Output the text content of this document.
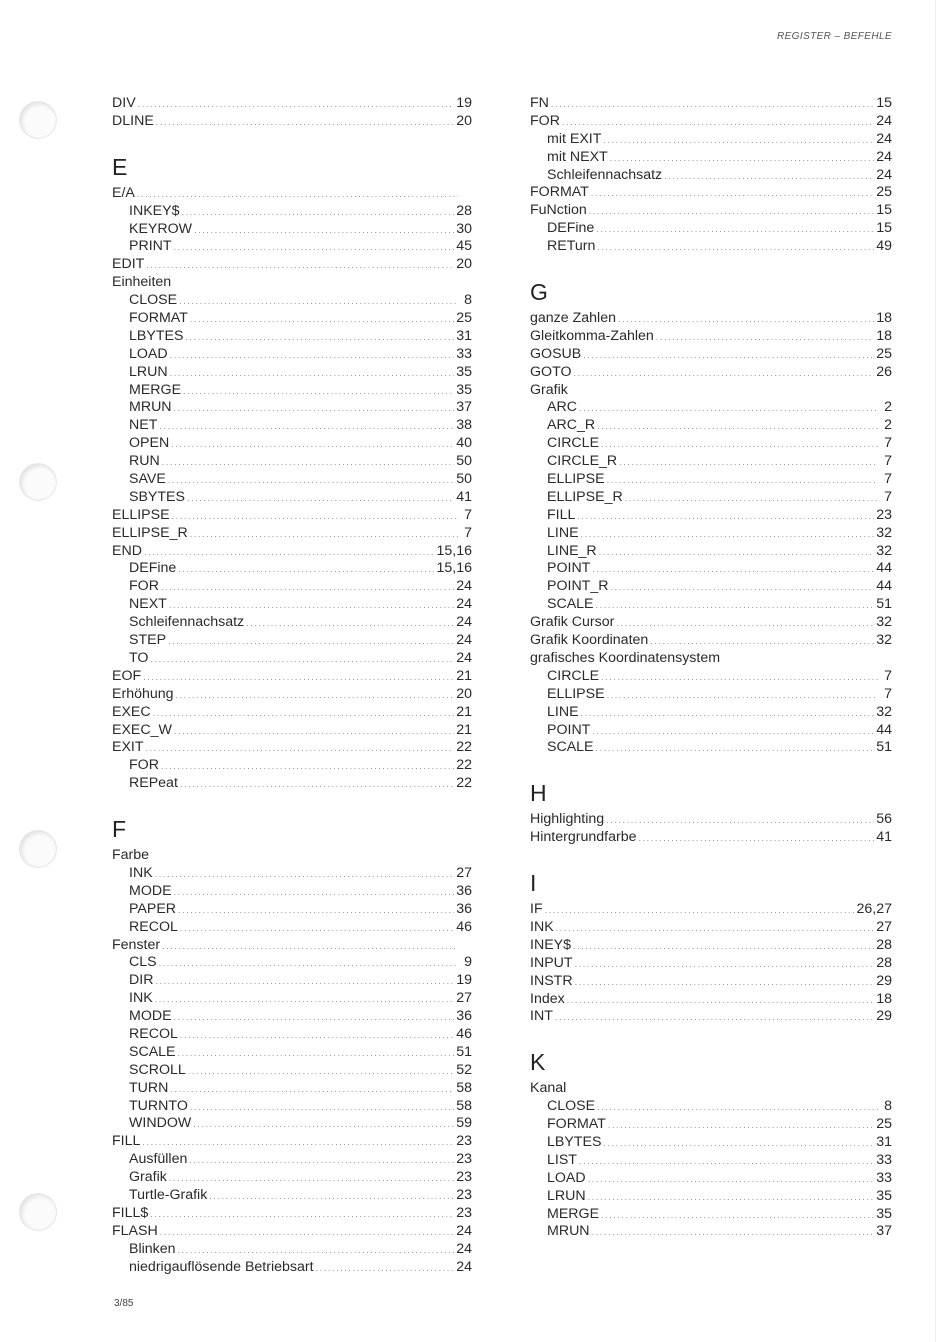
REGISTER – BEFEHLE
DIV .....	19
DLINE .....	20
E
E/A
.....
INKEY$ .....	28
KEYROW .....	30
PRINT .....	45
EDIT .....	20
Einheiten
CLOSE .....	8
FORMAT .....	25
LBYTES .....	31
LOAD .....	33
LRUN .....	35
MERGE .....	35
MRUN .....	37
NET .....	38
OPEN .....	40
RUN .....	50
SAVE .....	50
SBYTES .....	41
ELLIPSE .....	7
ELLIPSE_R .....	7
END .....	15,16
DEFine .....	15,16
FOR .....	24
NEXT .....	24
Schleifennachsatz .....	24
STEP .....	24
TO .....	24
EOF .....	21
Erhöhung .....	20
EXEC .....	21
EXEC_W .....	21
EXIT .....	22
FOR .....	22
REPeat .....	22
F
Farbe
INK .....	27
MODE .....	36
PAPER .....	36
RECOL .....	46
Fenster
.....
CLS .....	9
DIR .....	19
INK .....	27
MODE .....	36
RECOL .....	46
SCALE .....	51
SCROLL .....	52
TURN .....	58
TURNTO .....	58
WINDOW .....	59
FILL .....	23
Ausfüllen .....	23
Grafik .....	23
Turtle-Grafik .....	23
FILL$ .....	23
FLASH .....	24
Blinken .....	24
niedrigauflösende Betriebsart .....	24
FN .....	15
FOR .....	24
mit EXIT .....	24
mit NEXT .....	24
Schleifennachsatz .....	24
FORMAT .....	25
FuNction .....	15
DEFine .....	15
RETurn .....	49
G
ganze Zahlen .....	18
Gleitkomma-Zahlen .....	18
GOSUB .....	25
GOTO .....	26
Grafik
ARC .....	2
ARC_R .....	2
CIRCLE .....	7
CIRCLE_R .....	7
ELLIPSE .....	7
ELLIPSE_R .....	7
FILL .....	23
LINE .....	32
LINE_R .....	32
POINT .....	44
POINT_R .....	44
SCALE .....	51
Grafik Cursor .....	32
Grafik Koordinaten .....	32
grafisches Koordinatensystem
CIRCLE .....	7
ELLIPSE .....	7
LINE .....	32
POINT .....	44
SCALE .....	51
H
Highlighting .....	56
Hintergrundfarbe .....	41
I
IF .....	26,27
INK .....	27
INEY$ .....	28
INPUT .....	28
INSTR .....	29
Index .....	18
INT .....	29
K
Kanal
CLOSE .....	8
FORMAT .....	25
LBYTES .....	31
LIST .....	33
LOAD .....	33
LRUN .....	35
MERGE .....	35
MRUN .....	37
3/85
